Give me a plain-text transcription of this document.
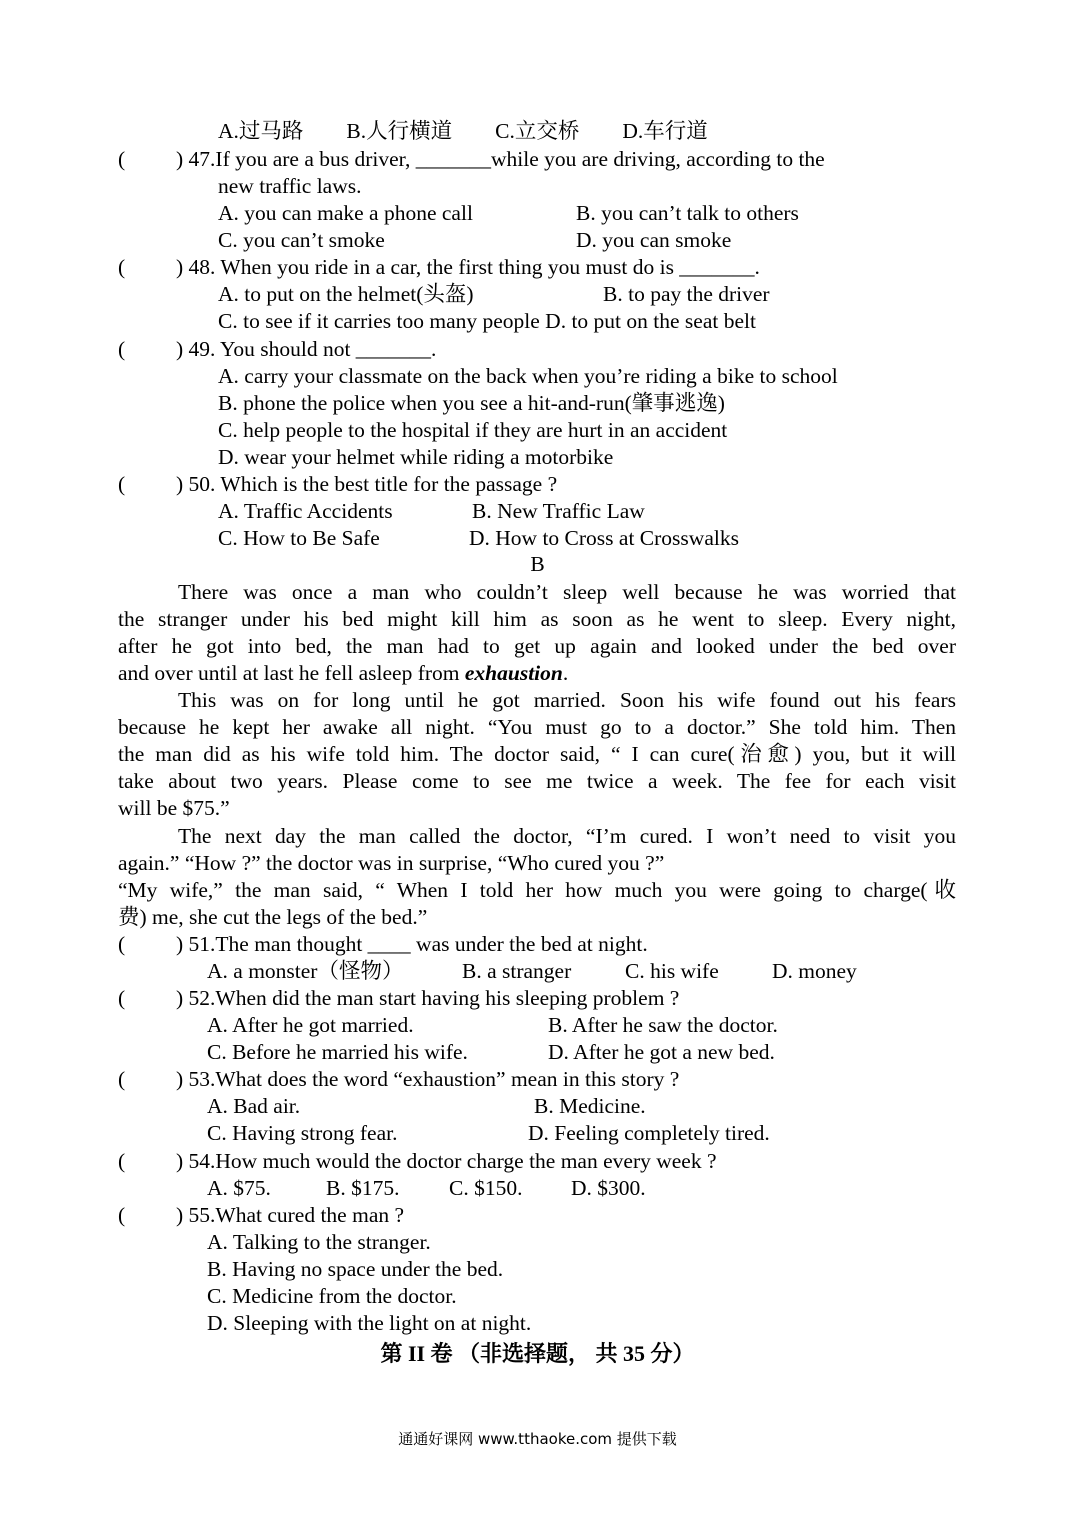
A.过马路　　B.人行横道　　C.立交桥　　D.车行道
( ) 47.If you are a bus driver, _______while you are driving, according to the
new traffic laws.
A. you can make a phone call	B. you can’t talk to others
C. you can’t smoke	D. you can smoke
( ) 48. When you ride in a car, the first thing you must do is _______.
A. to put on the helmet(头盔)	B. to pay the driver
C. to see if it carries too many people D. to put on the seat belt
( ) 49. You should not _______.
A. carry your classmate on the back when you’re riding a bike to school
B. phone the police when you see a hit-and-run(肇事逃逸)
C. help people to the hospital if they are hurt in an accident
D. wear your helmet while riding a motorbike
( ) 50. Which is the best title for the passage ?
A. Traffic Accidents	B. New Traffic Law
C. How to Be Safe	D. How to Cross at Crosswalks
B
There was once a man who couldn’t sleep well because he was worried that
the stranger under his bed might kill him as soon as he went to sleep. Every night,
after he got into bed, the man had to get up again and looked under the bed over
and over until at last he fell asleep from exhaustion.
This was on for long until he got married. Soon his wife found out his fears
because he kept her awake all night. “You must go to a doctor.” She told him. Then
the man did as his wife told him. The doctor said, “ I can cure(治愈) you, but it will
take about two years. Please come to see me twice a week. The fee for each visit
will be $75.”
The next day the man called the doctor, “I’m cured. I won’t need to visit you
again.” “How ?” the doctor was in surprise, “Who cured you ?”
“My wife,” the man said, “ When I told her how much you were going to charge(收
费) me, she cut the legs of the bed.”
( ) 51.The man thought ____ was under the bed at night.
A. a monster（怪物）	B. a stranger C. his wife D. money
( ) 52.When did the man start having his sleeping problem ?
A. After he got married.	B. After he saw the doctor.
C. Before he married his wife.	D. After he got a new bed.
( ) 53.What does the word “exhaustion” mean in this story ?
A. Bad air.	B. Medicine.
C. Having strong fear.	D. Feeling completely tired.
( ) 54.How much would the doctor charge the man every week ?
A. $75.	B. $175. C. $150. D. $300.
( ) 55.What cured the man ?
A. Talking to the stranger.
B. Having no space under the bed.
C. Medicine from the doctor.
D. Sleeping with the light on at night.
第 II 卷 （非选择题， 共 35 分）
通通好课网 www.tthaoke.com 提供下载
